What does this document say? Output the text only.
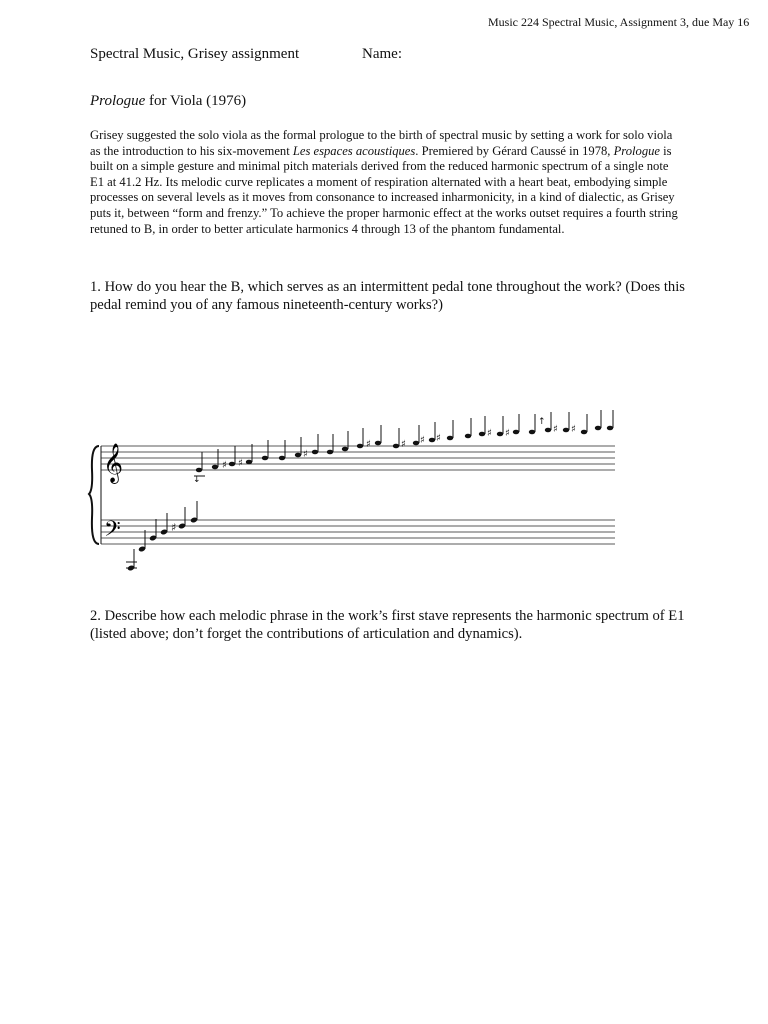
Music 224 Spectral Music, Assignment 3, due May 16
Spectral Music, Grisey assignment	Name:
Prologue for Viola (1976)
Grisey suggested the solo viola as the formal prologue to the birth of spectral music by setting a work for solo viola as the introduction to his six-movement Les espaces acoustiques. Premiered by Gérard Caussé in 1978, Prologue is built on a simple gesture and minimal pitch materials derived from the reduced harmonic spectrum of a single note E1 at 41.2 Hz. Its melodic curve replicates a moment of respiration alternated with a heart beat, embodying simple processes on several levels as it moves from consonance to increased inharmonicity, in a kind of dialectic, as Grisey puts it, between “form and frenzy.” To achieve the proper harmonic effect at the works outset requires a fourth string retuned to B, in order to better articulate harmonics 4 through 13 of the phantom fundamental.
1. How do you hear the B, which serves as an intermittent pedal tone throughout the work? (Does this pedal remind you of any famous nineteenth-century works?)
𝄞
𝄢	♯
↓
♯ ♯
♯
♯	♯ ♯ ♯	♯ ♯
↑
♯ ♯
2. Describe how each melodic phrase in the work’s first stave represents the harmonic spectrum of E1 (listed above; don’t forget the contributions of articulation and dynamics).
